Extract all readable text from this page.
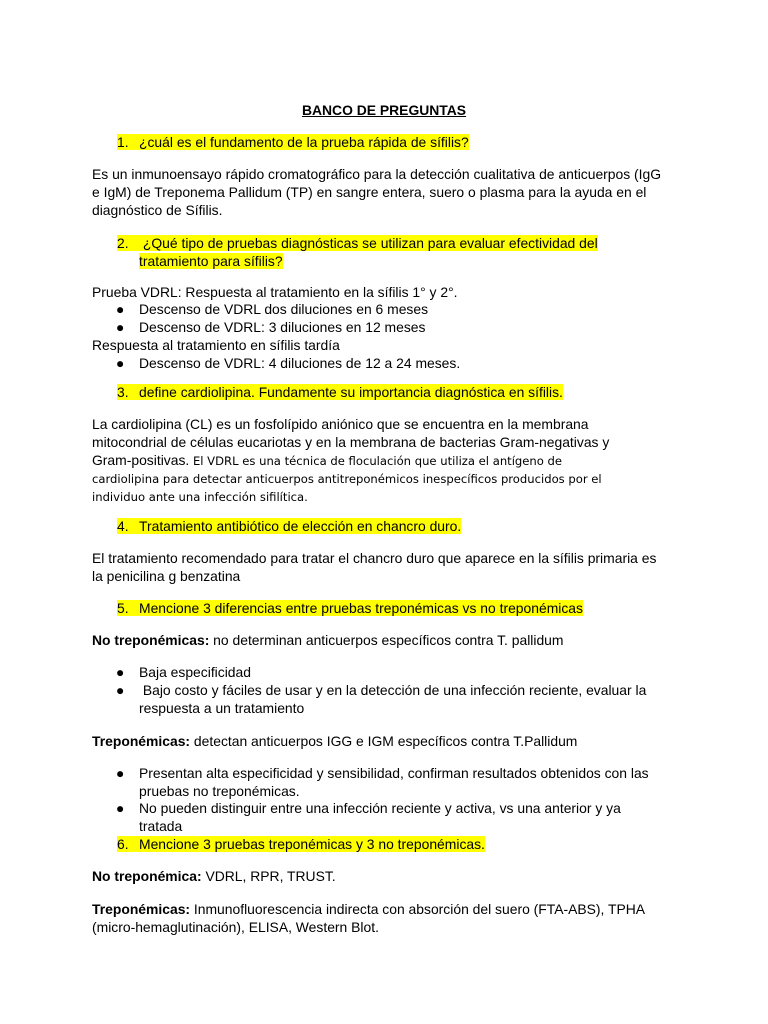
BANCO DE PREGUNTAS
1. ¿cuál es el fundamento de la prueba rápida de sífilis?
Es un inmunoensayo rápido cromatográfico para la detección cualitativa de anticuerpos (IgG
e IgM) de Treponema Pallidum (TP) en sangre entera, suero o plasma para la ayuda en el
diagnóstico de Sífilis.
2. ¿Qué tipo de pruebas diagnósticas se utilizan para evaluar efectividad del
tratamiento para sífilis?
Prueba VDRL: Respuesta al tratamiento en la sífilis 1° y 2°.
● Descenso de VDRL dos diluciones en 6 meses
● Descenso de VDRL: 3 diluciones en 12 meses
Respuesta al tratamiento en sífilis tardía
● Descenso de VDRL: 4 diluciones de 12 a 24 meses.
3. define cardiolipina. Fundamente su importancia diagnóstica en sífilis.
La cardiolipina (CL) es un fosfolípido aniónico que se encuentra en la membrana
mitocondrial de células eucariotas y en la membrana de bacterias Gram-negativas y
Gram-positivas. El VDRL es una técnica de floculación que utiliza el antígeno de
cardiolipina para detectar anticuerpos antitreponémicos inespecíficos producidos por el
individuo ante una infección sifilítica.
4. Tratamiento antibiótico de elección en chancro duro.
El tratamiento recomendado para tratar el chancro duro que aparece en la sífilis primaria es
la penicilina g benzatina
5. Mencione 3 diferencias entre pruebas treponémicas vs no treponémicas
No treponémicas: no determinan anticuerpos específicos contra T. pallidum
● Baja especificidad
● Bajo costo y fáciles de usar y en la detección de una infección reciente, evaluar la
respuesta a un tratamiento
Treponémicas: detectan anticuerpos IGG e IGM específicos contra T.Pallidum
● Presentan alta especificidad y sensibilidad, confirman resultados obtenidos con las
pruebas no treponémicas.
● No pueden distinguir entre una infección reciente y activa, vs una anterior y ya
tratada
6. Mencione 3 pruebas treponémicas y 3 no treponémicas.
No treponémica: VDRL, RPR, TRUST.
Treponémicas: Inmunofluorescencia indirecta con absorción del suero (FTA-ABS), TPHA
(micro-hemaglutinación), ELISA, Western Blot.
